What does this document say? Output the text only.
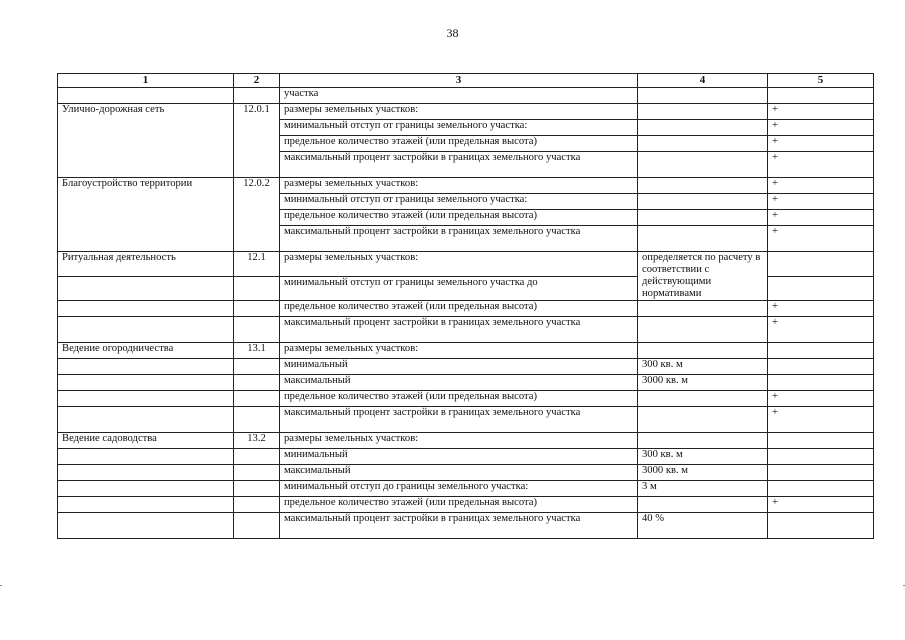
38
1	2	3	4	5
		участка		
Улично-дорожная сеть	12.0.1	размеры земельных участков:		+
		минимальный отступ от границы земельного участка:		+
		предельное количество этажей (или предельная высота)		+
		максимальный процент застройки в границах земельного участка		+
Благоустройство территории	12.0.2	размеры земельных участков:		+
		минимальный отступ от границы земельного участка:		+
		предельное количество этажей (или предельная высота)		+
		максимальный процент застройки в границах земельного участка		+
Ритуальная деятельность	12.1	размеры земельных участков:	определяется по расчету в соответствии с действующими нормативами	
		минимальный отступ от границы земельного участка до		
		предельное количество этажей (или предельная высота)		+
		максимальный процент застройки в границах земельного участка		+
Ведение огородничества	13.1	размеры земельных участков:		
		минимальный	300 кв. м	
		максимальный	3000 кв. м	
		предельное количество этажей (или предельная высота)		+
		максимальный процент застройки в границах земельного участка		+
Ведение садоводства	13.2	размеры земельных участков:		
		минимальный	300 кв. м	
		максимальный	3000 кв. м	
		минимальный отступ до границы земельного участка:	3 м	
		предельное количество этажей (или предельная высота)		+
		максимальный процент застройки в границах земельного участка	40 %	
